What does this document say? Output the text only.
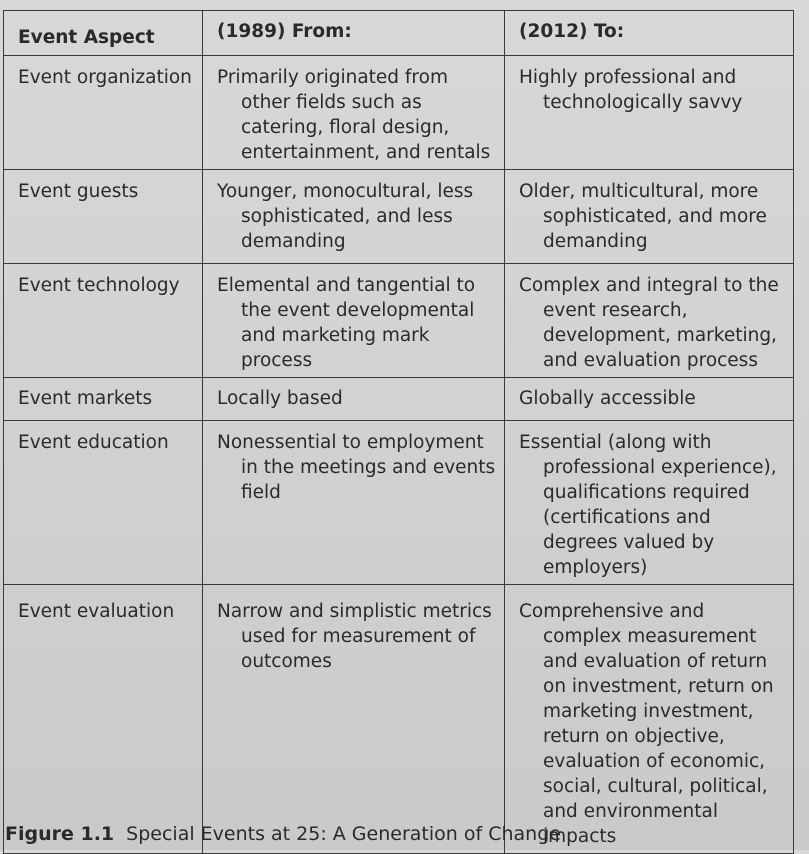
Event Aspect	(1989) From:	(2012) To:
Event organization	Primarily originated from other fields such as catering, floral design, entertainment, and rentals	Highly professional and technologically savvy

Event guests	Younger, monocultural, less sophisticated, and less demanding	Older, multicultural, more sophisticated, and more demanding

Event technology	Elemental and tangential to the event developmental and marketing mark process	Complex and integral to the event research, development, marketing, and evaluation process

Event markets	Locally based	Globally accessible

Event education	Nonessential to employment in the meetings and events field	Essential (along with professional experience), qualifications required (certifications and degrees valued by employers)

Event evaluation	Narrow and simplistic metrics used for measurement of outcomes	Comprehensive and complex measurement and evaluation of return on investment, return on marketing investment, return on objective, evaluation of economic, social, cultural, political, and environmental impacts
Figure 1.1 Special Events at 25: A Generation of Change
